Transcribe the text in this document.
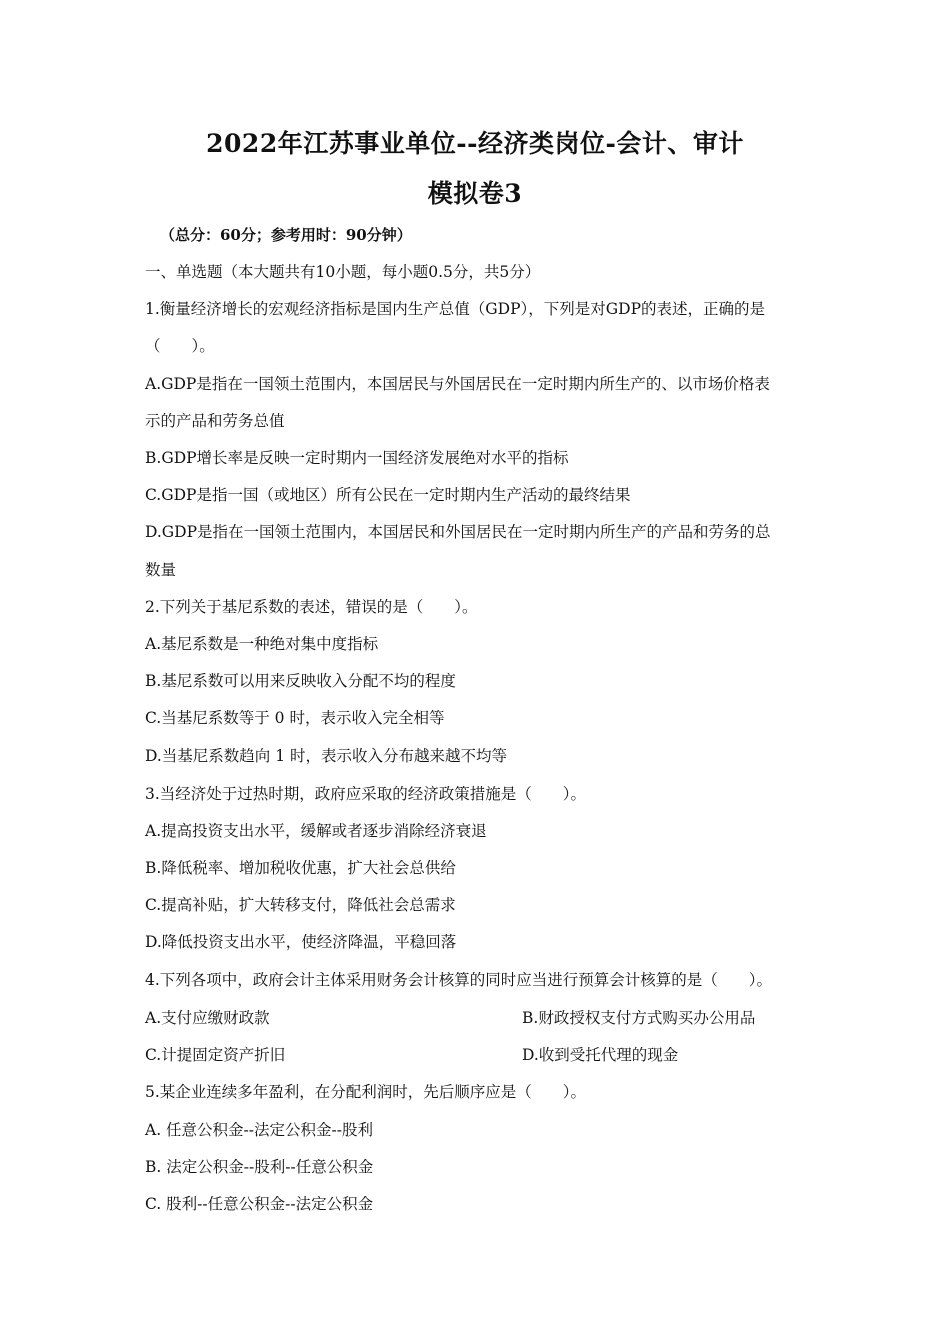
2022年江苏事业单位--经济类岗位-会计、审计
模拟卷3
（总分：60分；参考用时：90分钟）
一、单选题（本大题共有10小题，每小题0.5分，共5分）
1.衡量经济增长的宏观经济指标是国内生产总值（GDP），下列是对GDP的表述，正确的是
（　　）。
A.GDP是指在一国领土范围内，本国居民与外国居民在一定时期内所生产的、以市场价格表
示的产品和劳务总值
B.GDP增长率是反映一定时期内一国经济发展绝对水平的指标
C.GDP是指一国（或地区）所有公民在一定时期内生产活动的最终结果
D.GDP是指在一国领土范围内，本国居民和外国居民在一定时期内所生产的产品和劳务的总
数量
2.下列关于基尼系数的表述，错误的是（　　）。
A.基尼系数是一种绝对集中度指标
B.基尼系数可以用来反映收入分配不均的程度
C.当基尼系数等于 0 时，表示收入完全相等
D.当基尼系数趋向 1 时，表示收入分布越来越不均等
3.当经济处于过热时期，政府应采取的经济政策措施是（　　）。
A.提高投资支出水平，缓解或者逐步消除经济衰退
B.降低税率、增加税收优惠，扩大社会总供给
C.提高补贴，扩大转移支付，降低社会总需求
D.降低投资支出水平，使经济降温，平稳回落
4.下列各项中，政府会计主体采用财务会计核算的同时应当进行预算会计核算的是（　　）。
A.支付应缴财政款	B.财政授权支付方式购买办公用品
C.计提固定资产折旧	D.收到受托代理的现金
5.某企业连续多年盈利，在分配利润时，先后顺序应是（　　）。
A. 任意公积金--法定公积金--股利
B. 法定公积金--股利--任意公积金
C. 股利--任意公积金--法定公积金
